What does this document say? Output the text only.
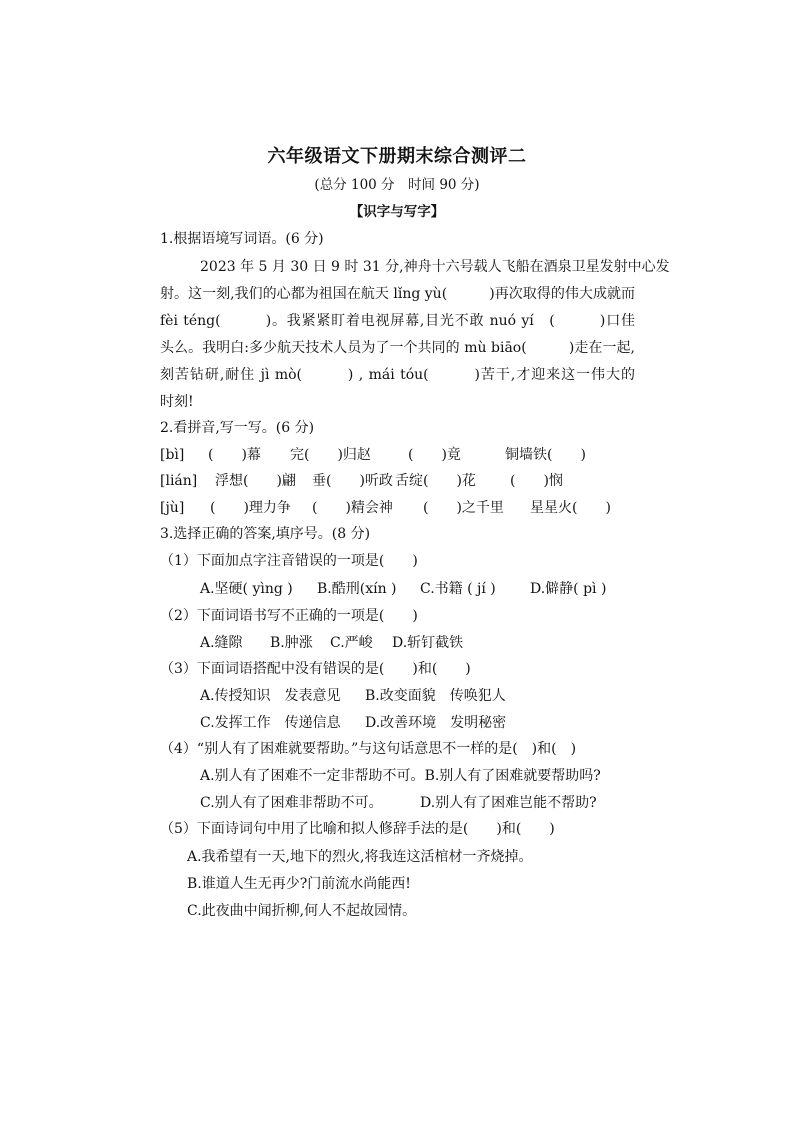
六年级语文下册期末综合测评二
(总分 100 分　时间 90 分)
【识字与写字】
1.根据语境写词语。(6 分)
2023 年 5 月 30 日 9 时 31 分,神舟十六号载人飞船在酒泉卫星发射中心发
射。这一刻,我们的心都为祖国在航天 lǐng yù(　　　)再次取得的伟大成就而
fèi téng(　　　)。我紧紧盯着电视屏幕,目光不敢 nuó yí　(　　　)口佳
头么。我明白:多少航天技术人员为了一个共同的 mù biāo(　　　)走在一起,
刻苦钻研,耐住 jì mò(　　　) , mái tóu(　　　)苦干,才迎来这一伟大的
时刻!
2.看拼音,写一写。(6 分)
[bì] (　　)幕 完(　　)归赵	(　　)竟	铜墙铁(　　)
[lián] 浮想(　　)翩 垂(　　)听政 舌绽(　　)花 (　　)悯
[jù] (　　)理力争 (　　)精会神 (　　)之千里 星星火(　　)
3.选择正确的答案,填序号。(8 分)
（1）下面加点字注音错误的一项是(　　)
A.坚硬( yìng ) B.酷刑(xín ) C.书籍 ( jí ) D.僻静( pì )
（2）下面词语书写不正确的一项是(　　)
A.缝隙 B.肿涨 C.严峻 D.斩钉截铁
（3）下面词语搭配中没有错误的是(　　)和(　　)
A.传授知识　发表意见 B.改变面貌　传唤犯人
C.发挥工作　传递信息 D.改善环境　发明秘密
（4）“别人有了困难就要帮助。”与这句话意思不一样的是(　)和(　)
A.别人有了困难不一定非帮助不可。B.别人有了困难就要帮助吗?
C.别人有了困难非帮助不可。	D.别人有了困难岂能不帮助?
（5）下面诗词句中用了比喻和拟人修辞手法的是(　　)和(　　)
A.我希望有一天,地下的烈火,将我连这活棺材一齐烧掉。
B.谁道人生无再少?门前流水尚能西!
C.此夜曲中闻折柳,何人不起故园情。
